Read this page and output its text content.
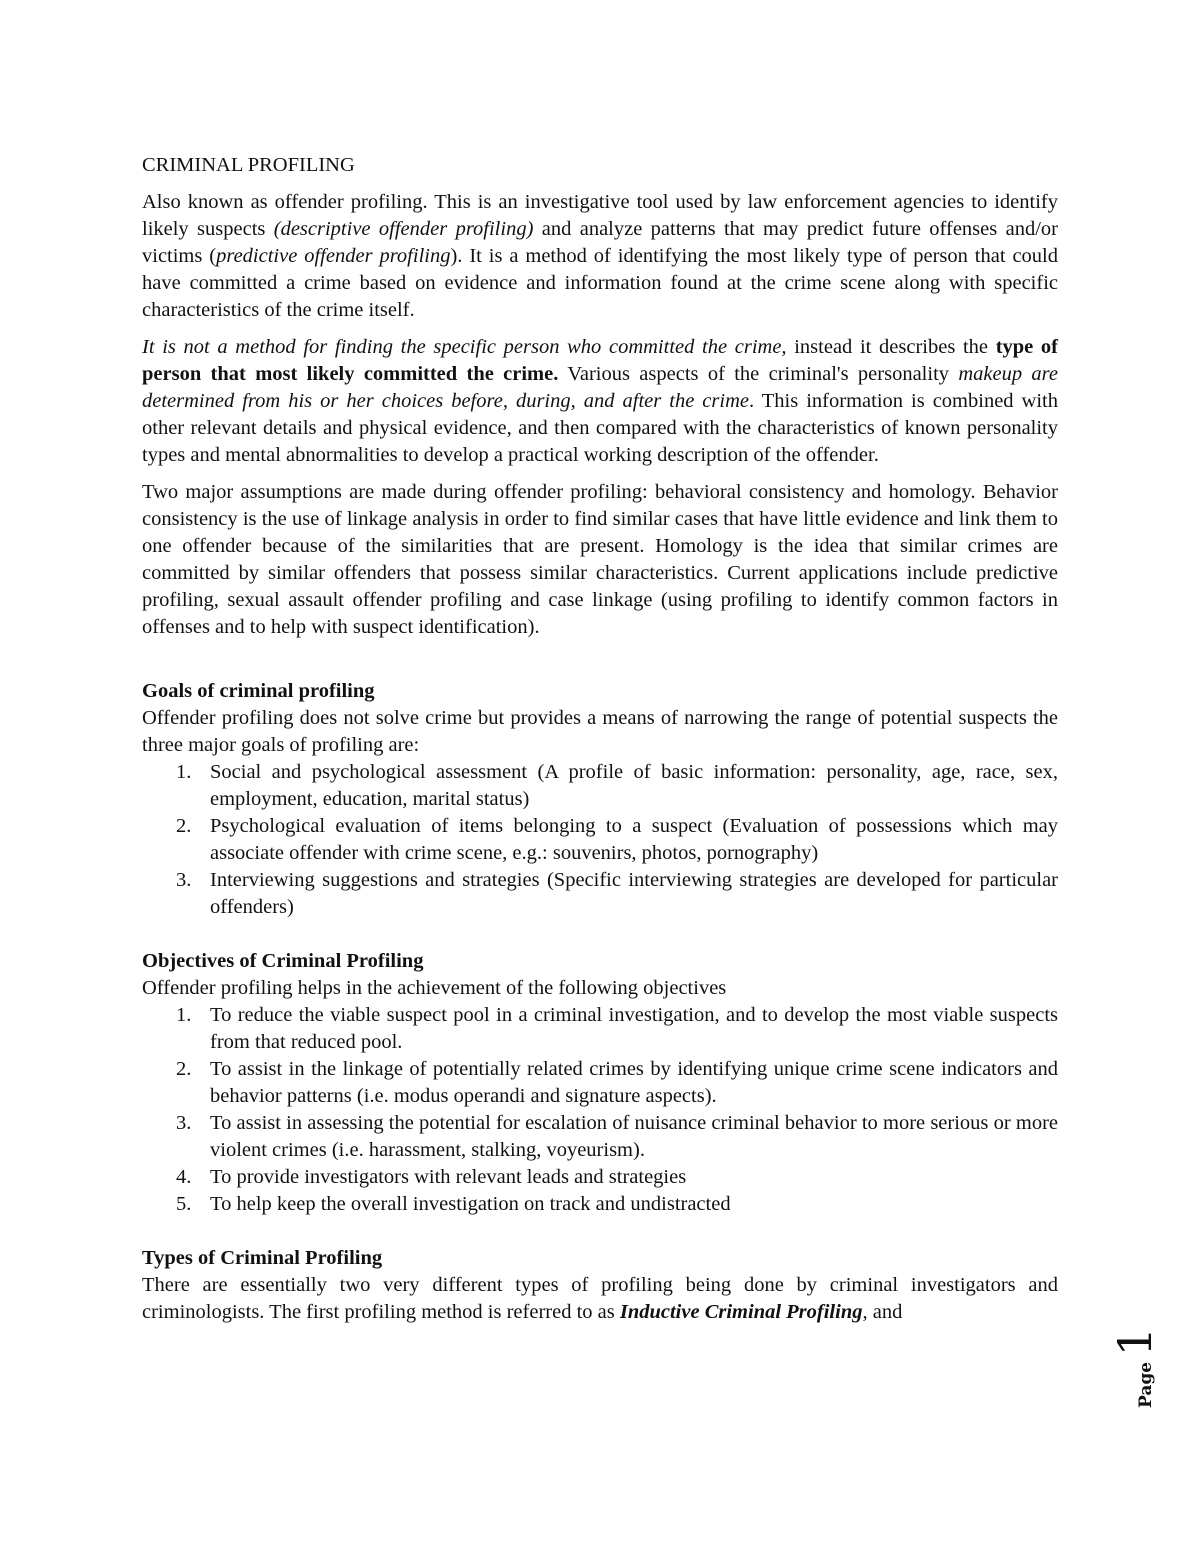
CRIMINAL PROFILING

Also known as offender profiling. This is an investigative tool used by law enforcement agencies to identify likely suspects (descriptive offender profiling) and analyze patterns that may predict future offenses and/or victims (predictive offender profiling). It is a method of identifying the most likely type of person that could have committed a crime based on evidence and information found at the crime scene along with specific characteristics of the crime itself.

It is not a method for finding the specific person who committed the crime, instead it describes the type of person that most likely committed the crime. Various aspects of the criminal's personality makeup are determined from his or her choices before, during, and after the crime. This information is combined with other relevant details and physical evidence, and then compared with the characteristics of known personality types and mental abnormalities to develop a practical working description of the offender.

Two major assumptions are made during offender profiling: behavioral consistency and homology. Behavior consistency is the use of linkage analysis in order to find similar cases that have little evidence and link them to one offender because of the similarities that are present. Homology is the idea that similar crimes are committed by similar offenders that possess similar characteristics. Current applications include predictive profiling, sexual assault offender profiling and case linkage (using profiling to identify common factors in offenses and to help with suspect identification).

Goals of criminal profiling
Offender profiling does not solve crime but provides a means of narrowing the range of potential suspects the three major goals of profiling are:
1. Social and psychological assessment (A profile of basic information: personality, age, race, sex, employment, education, marital status)
2. Psychological evaluation of items belonging to a suspect (Evaluation of possessions which may associate offender with crime scene, e.g.: souvenirs, photos, pornography)
3. Interviewing suggestions and strategies (Specific interviewing strategies are developed for particular offenders)
Objectives of Criminal Profiling
Offender profiling helps in the achievement of the following objectives
1. To reduce the viable suspect pool in a criminal investigation, and to develop the most viable suspects from that reduced pool.
2. To assist in the linkage of potentially related crimes by identifying unique crime scene indicators and behavior patterns (i.e. modus operandi and signature aspects).
3. To assist in assessing the potential for escalation of nuisance criminal behavior to more serious or more violent crimes (i.e. harassment, stalking, voyeurism).
4. To provide investigators with relevant leads and strategies
5. To help keep the overall investigation on track and undistracted
Types of Criminal Profiling

There are essentially two very different types of profiling being done by criminal investigators and criminologists. The first profiling method is referred to as Inductive Criminal Profiling, and

Page 1
